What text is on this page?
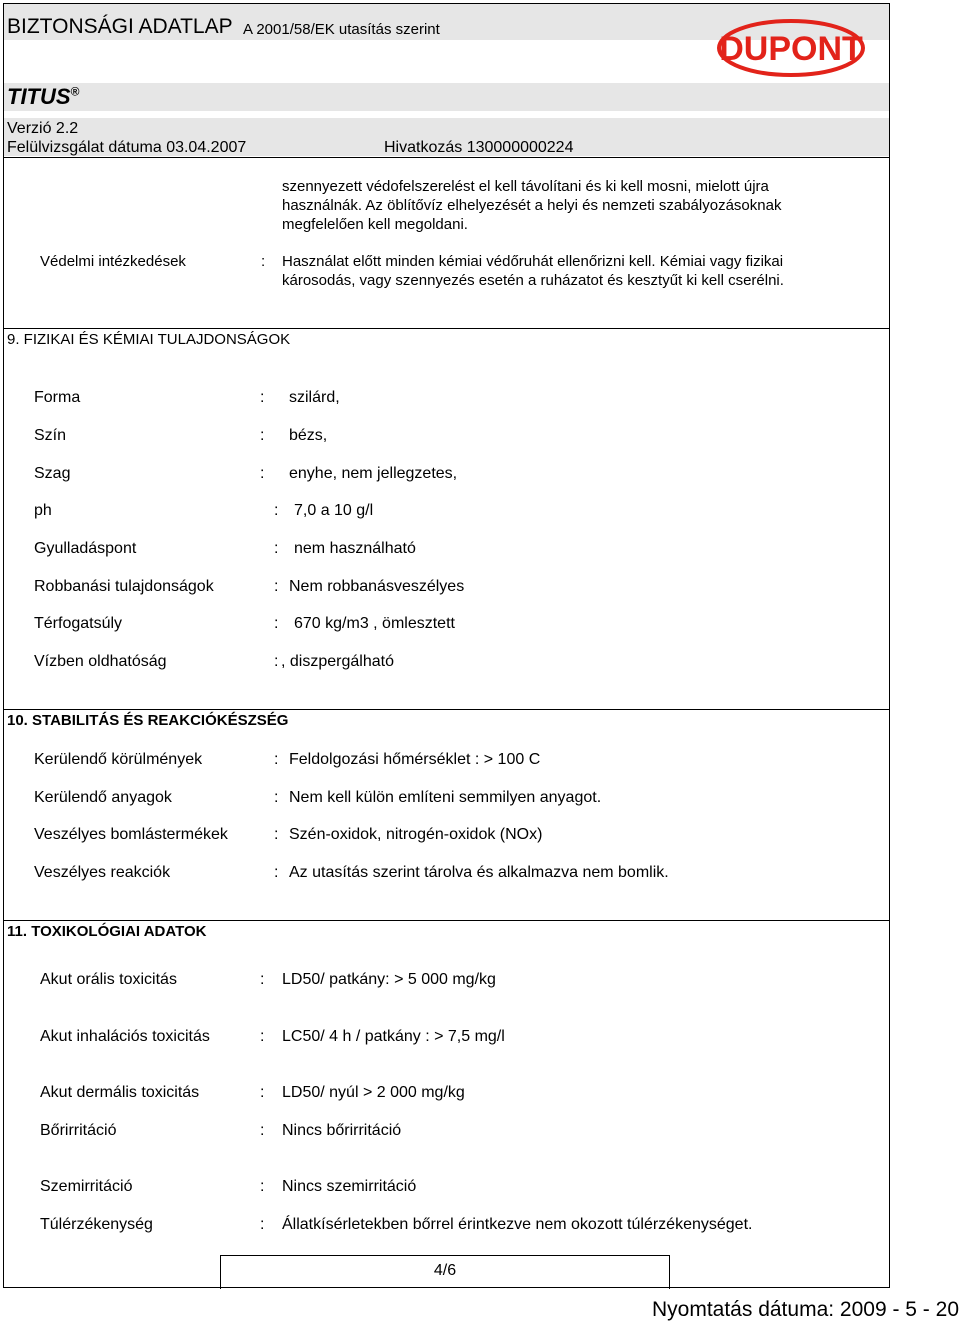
BIZTONSÁGI ADATLAP A 2001/58/EK utasítás szerint
DUPONT
TITUS®
Verzió 2.2
Felülvizsgálat dátuma 03.04.2007	Hivatkozás 130000000224
szennyezett védofelszerelést el kell távolítani és ki kell mosni, mielott újra
használnák. Az öblítővíz elhelyezését a helyi és nemzeti szabályozásoknak
megfelelően kell megoldani.
Védelmi intézkedések	: Használat előtt minden kémiai védőruhát ellenőrizni kell. Kémiai vagy fizikai
károsodás, vagy szennyezés esetén a ruházatot és kesztyűt ki kell cserélni.
9. FIZIKAI ÉS KÉMIAI TULAJDONSÁGOK
Forma	: szilárd,
Szín	: bézs,
Szag	: enyhe, nem jellegzetes,
ph	: 7,0 a 10 g/l
Gyulladáspont	: nem használható
Robbanási tulajdonságok	: Nem robbanásveszélyes
Térfogatsúly	: 670 kg/m3 , ömlesztett
Vízben oldhatóság	: , diszpergálható
10. STABILITÁS ÉS REAKCIÓKÉSZSÉG
Kerülendő körülmények	: Feldolgozási hőmérséklet : > 100 C
Kerülendő anyagok	: Nem kell külön említeni semmilyen anyagot.
Veszélyes bomlástermékek	: Szén-oxidok, nitrogén-oxidok (NOx)
Veszélyes reakciók	: Az utasítás szerint tárolva és alkalmazva nem bomlik.
11. TOXIKOLÓGIAI ADATOK
Akut orális toxicitás	: LD50/ patkány: > 5 000 mg/kg
Akut inhalációs toxicitás	: LC50/ 4 h / patkány : > 7,5 mg/l
Akut dermális toxicitás	: LD50/ nyúl > 2 000 mg/kg
Bőrirritáció	: Nincs bőrirritáció
Szemirritáció	: Nincs szemirritáció
Túlérzékenység	: Állatkísérletekben bőrrel érintkezve nem okozott túlérzékenységet.
4/6
Nyomtatás dátuma: 2009 - 5 - 20
